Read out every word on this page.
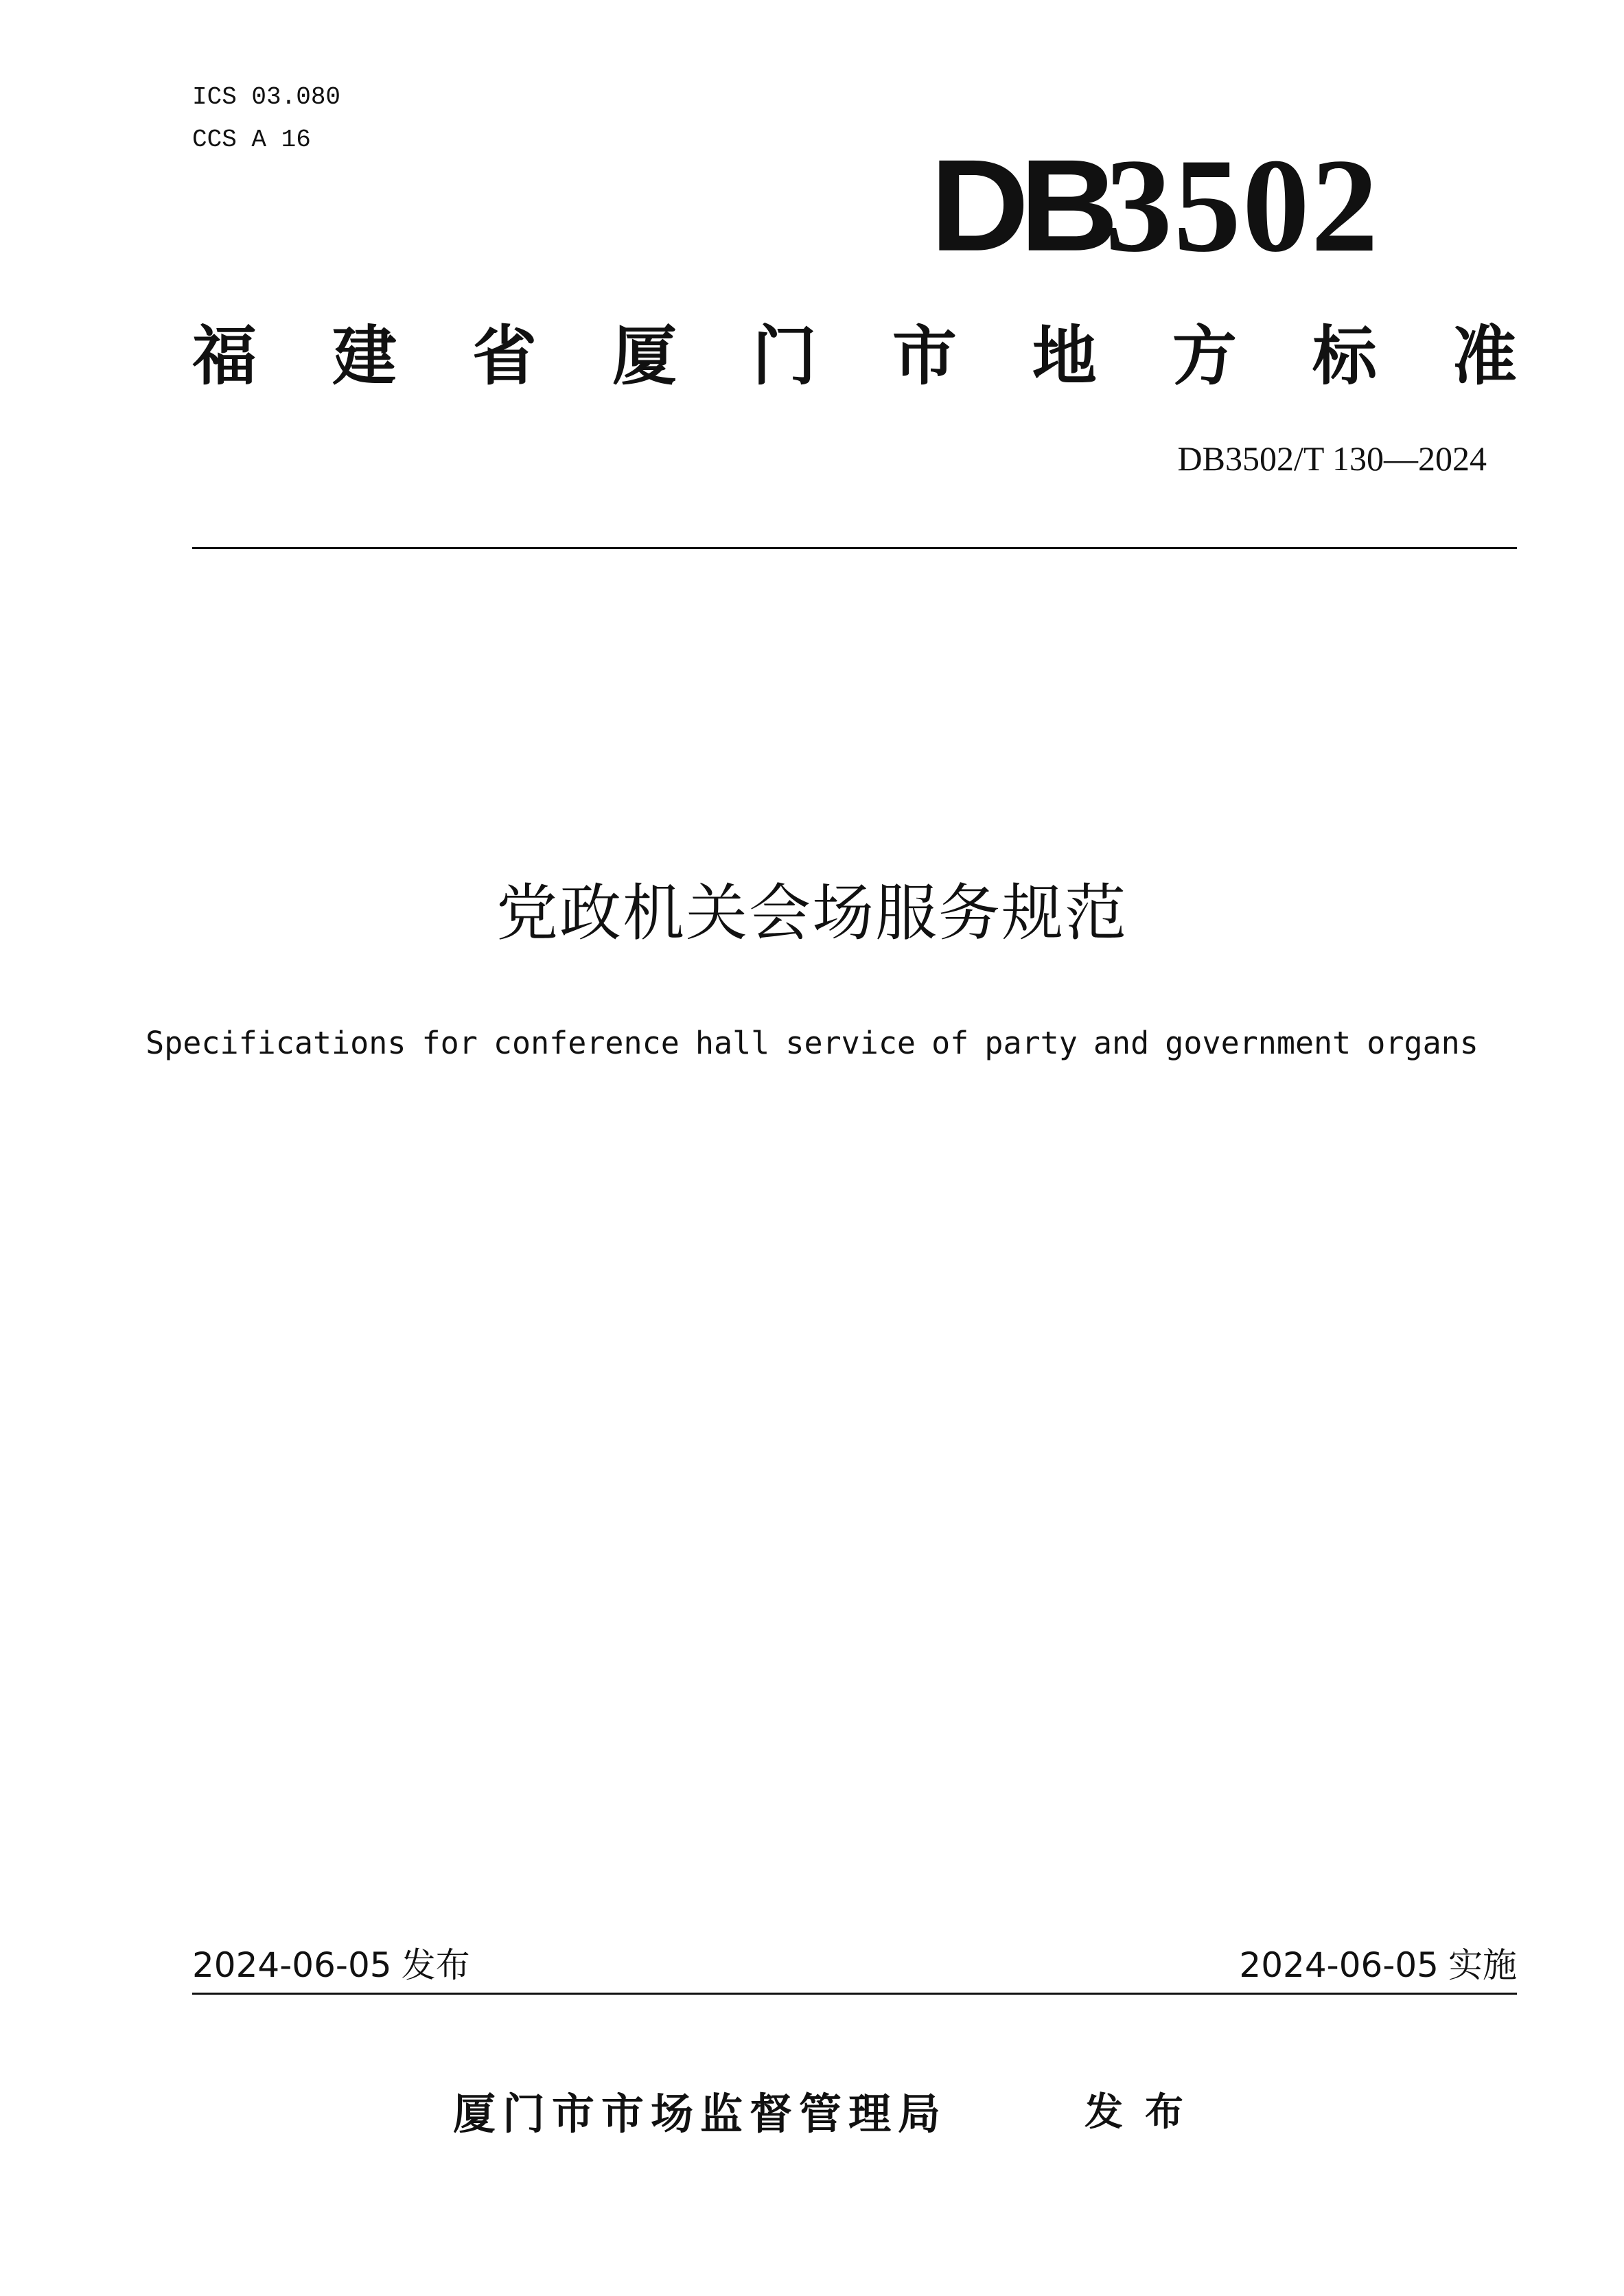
ICS 03.080
CCS A 16	DB
3502
福 建 省 厦 门 市 地 方 标 准
DB3502/T 130—2024
党政机关会场服务规范
Specifications for conference hall service of party and government organs
2024-06-05 发布	2024-06-05 实施
厦门市市场监督管理局	发布
